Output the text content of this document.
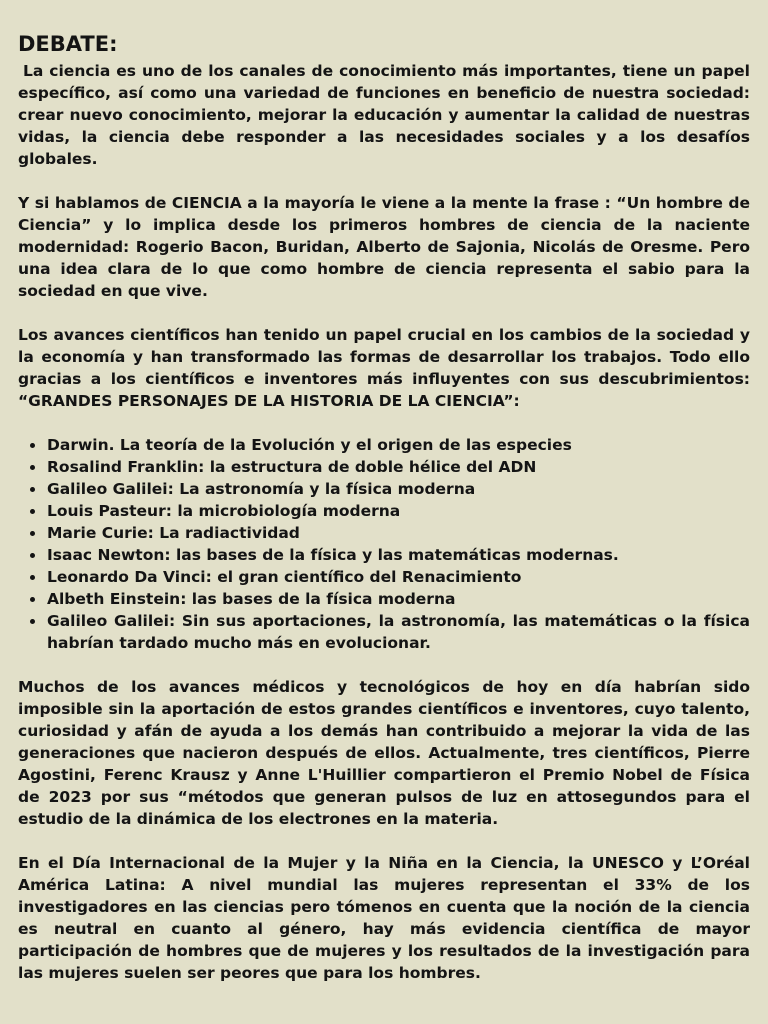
DEBATE:

La ciencia es uno de los canales de conocimiento más importantes, tiene un papel específico, así como una variedad de funciones en beneficio de nuestra sociedad: crear nuevo conocimiento, mejorar la educación y aumentar la calidad de nuestras vidas, la ciencia debe responder a las necesidades sociales y a los desafíos globales.

Y si hablamos de CIENCIA a la mayoría le viene a la mente la frase : “Un hombre de Ciencia” y lo implica desde los primeros hombres de ciencia de la naciente modernidad: Rogerio Bacon, Buridan, Alberto de Sajonia, Nicolás de Oresme. Pero una idea clara de lo que como hombre de ciencia representa el sabio para la sociedad en que vive.

Los avances científicos han tenido un papel crucial en los cambios de la sociedad y la economía y han transformado las formas de desarrollar los trabajos. Todo ello gracias a los científicos e inventores más influyentes con sus descubrimientos: “GRANDES PERSONAJES DE LA HISTORIA DE LA CIENCIA”:

Darwin. La teoría de la Evolución y el origen de las especies
Rosalind Franklin: la estructura de doble hélice del ADN
Galileo Galilei: La astronomía y la física moderna
Louis Pasteur: la microbiología moderna
Marie Curie: La radiactividad
Isaac Newton: las bases de la física y las matemáticas modernas.
Leonardo Da Vinci: el gran científico del Renacimiento
Albeth Einstein: las bases de la física moderna
Galileo Galilei: Sin sus aportaciones, la astronomía, las matemáticas o la física habrían tardado mucho más en evolucionar.

Muchos de los avances médicos y tecnológicos de hoy en día habrían sido imposible sin la aportación de estos grandes científicos e inventores, cuyo talento, curiosidad y afán de ayuda a los demás han contribuido a mejorar la vida de las generaciones que nacieron después de ellos. Actualmente, tres científicos, Pierre Agostini, Ferenc Krausz y Anne L'Huillier compartieron el Premio Nobel de Física de 2023 por sus “métodos que generan pulsos de luz en attosegundos para el estudio de la dinámica de los electrones en la materia.

En el Día Internacional de la Mujer y la Niña en la Ciencia, la UNESCO y L’Oréal América Latina: A nivel mundial las mujeres representan el 33% de los investigadores en las ciencias pero tómenos en cuenta que la noción de la ciencia es neutral en cuanto al género, hay más evidencia científica de mayor participación de hombres que de mujeres y los resultados de la investigación para las mujeres suelen ser peores que para los hombres.
